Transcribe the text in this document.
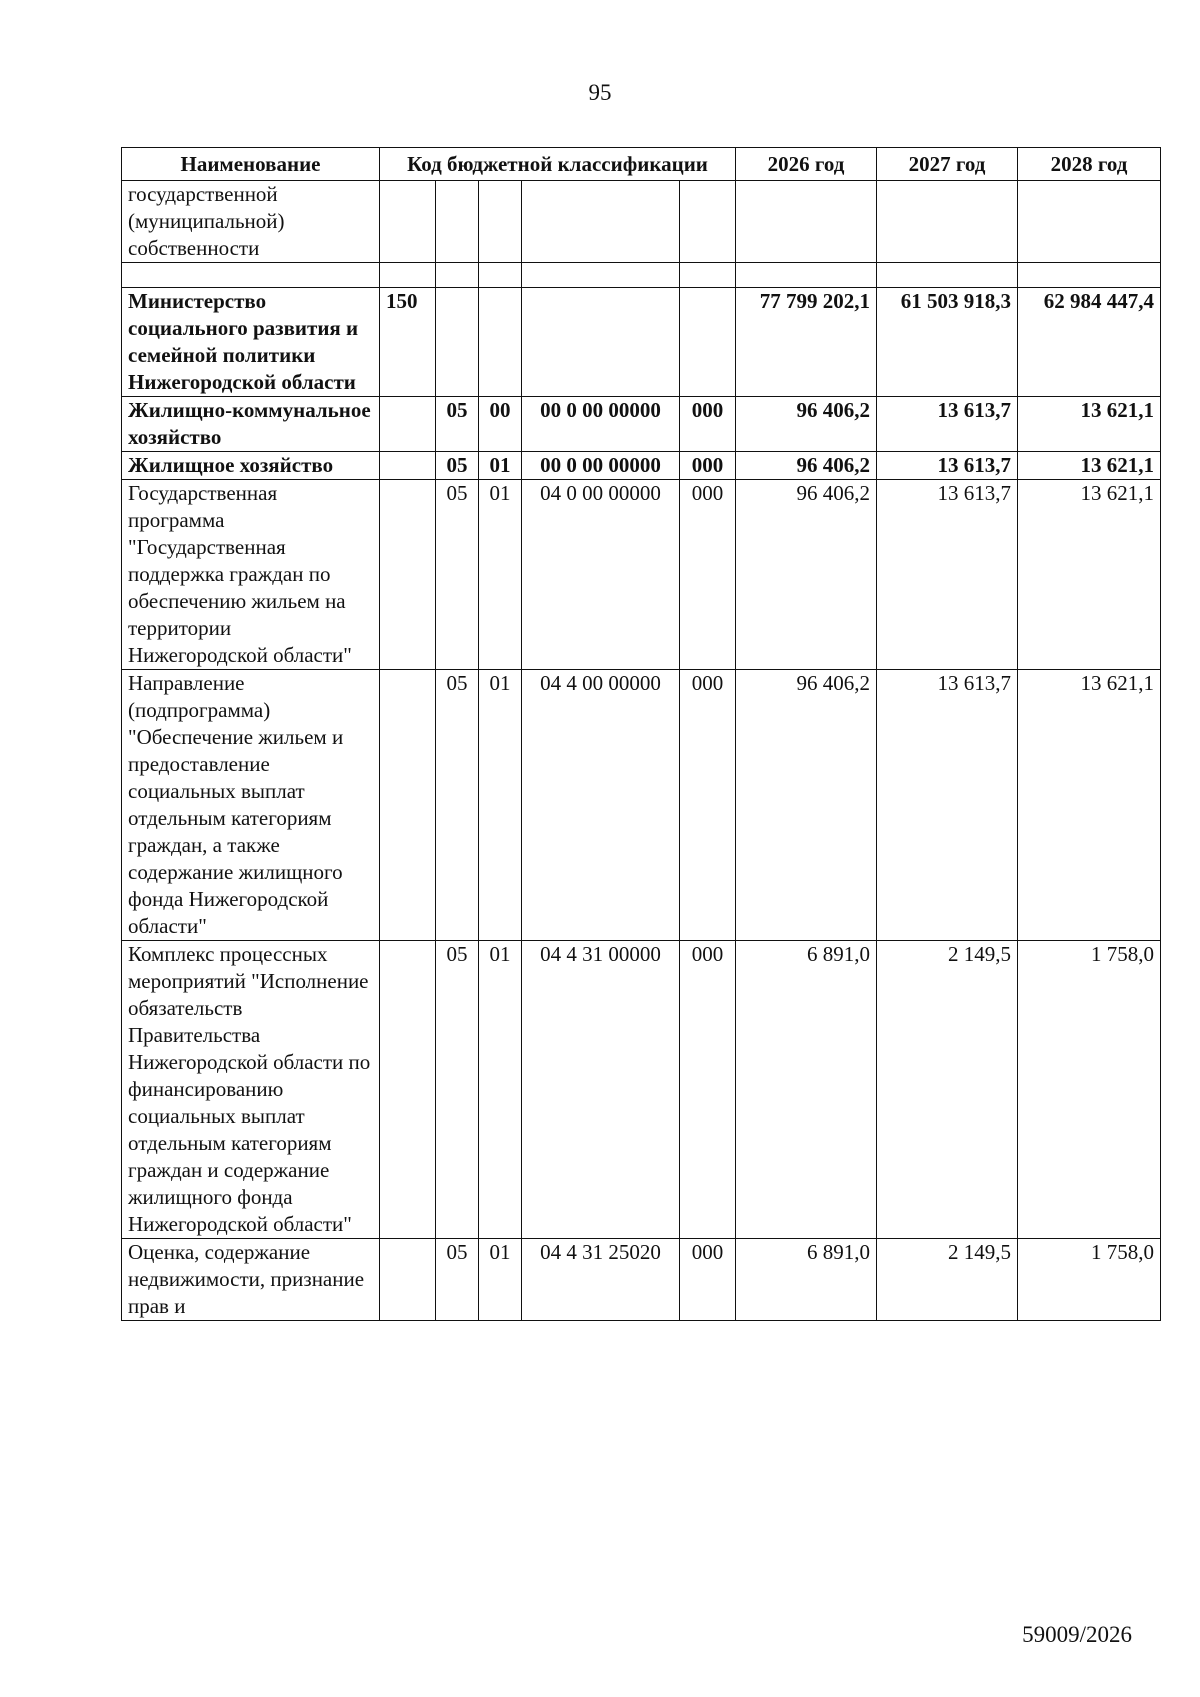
95
Наименование	Код бюджетной классификации					2026 год	2027 год	2028 год
государственной (муниципальной) собственности								

Министерство социального развития и семейной политики Нижегородской области	150					77 799 202,1	61 503 918,3	62 984 447,4
Жилищно-коммунальное хозяйство		05	00	00 0 00 00000	000	96 406,2	13 613,7	13 621,1
Жилищное хозяйство		05	01	00 0 00 00000	000	96 406,2	13 613,7	13 621,1
Государственная программа "Государственная поддержка граждан по обеспечению жильем на территории Нижегородской области"		05	01	04 0 00 00000	000	96 406,2	13 613,7	13 621,1
Направление (подпрограмма) "Обеспечение жильем и предоставление социальных выплат отдельным категориям граждан, а также содержание жилищного фонда Нижегородской области"		05	01	04 4 00 00000	000	96 406,2	13 613,7	13 621,1
Комплекс процессных мероприятий "Исполнение обязательств Правительства Нижегородской области по финансированию социальных выплат отдельным категориям граждан и содержание жилищного фонда Нижегородской области"		05	01	04 4 31 00000	000	6 891,0	2 149,5	1 758,0
Оценка, содержание недвижимости, признание прав и		05	01	04 4 31 25020	000	6 891,0	2 149,5	1 758,0
59009/2026
